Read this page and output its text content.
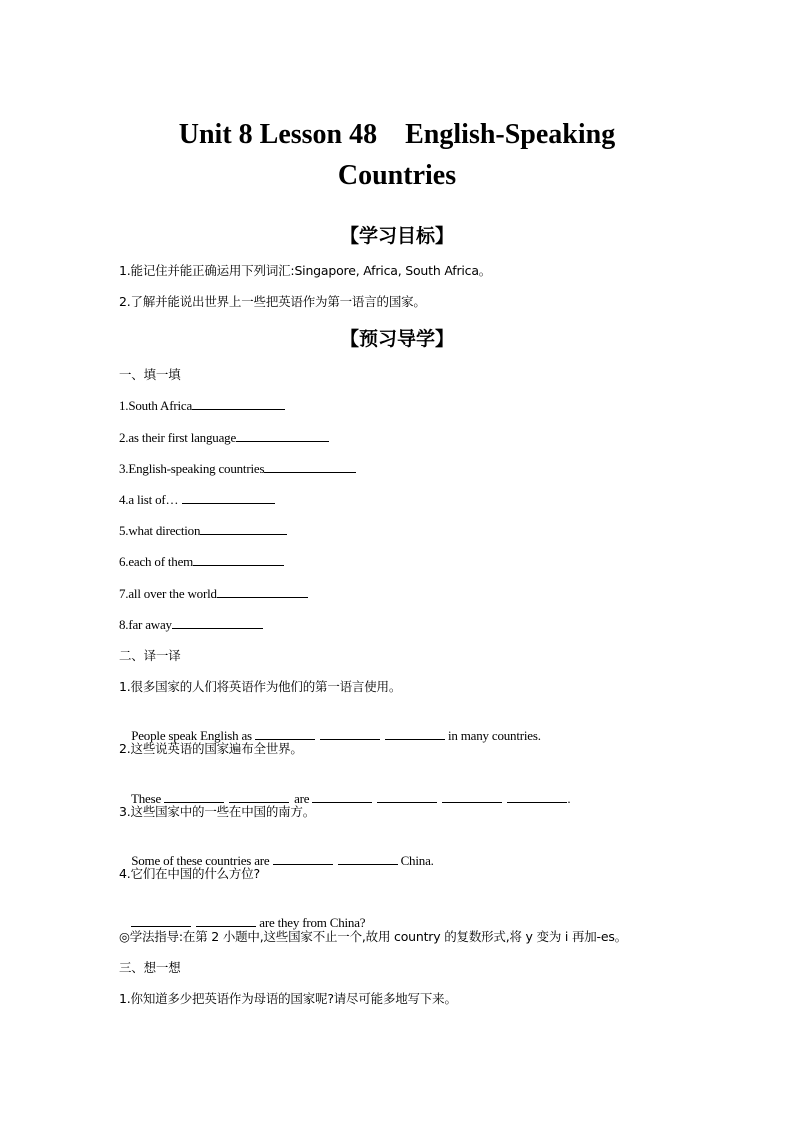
Unit 8 Lesson 48    English-Speaking
Countries
【学习目标】
1.能记住并能正确运用下列词汇:Singapore, Africa, South Africa。
2.了解并能说出世界上一些把英语作为第一语言的国家。
【预习导学】
一、填一填
1.South Africa
2.as their first language
3.English-speaking countries
4.a list of…
5.what direction
6.each of them
7.all over the world
8.far away
二、译一译
1.很多国家的人们将英语作为他们的第一语言使用。

People speak English as	in many countries.

2.这些说英语的国家遍布全世界。

These	are	.

3.这些国家中的一些在中国的南方。

Some of these countries are	China.

4.它们在中国的什么方位?

are they from China?

◎学法指导:在第 2 小题中,这些国家不止一个,故用 country 的复数形式,将 y 变为 i 再加-es。
三、想一想
1.你知道多少把英语作为母语的国家呢?请尽可能多地写下来。
